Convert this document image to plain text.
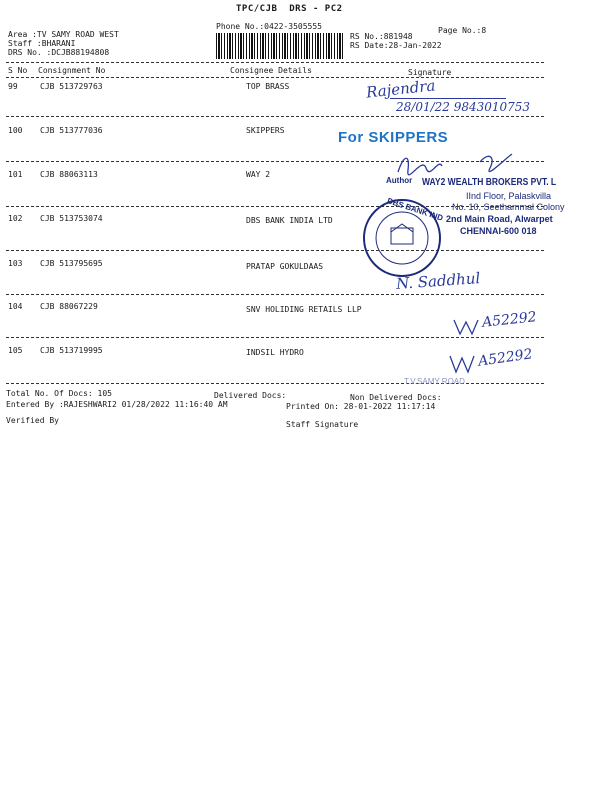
TPC/CJB  DRS - PC2
Phone No.:0422-3505555
Area :TV SAMY ROAD WEST
Staff :BHARANI
DRS No. :DCJB88194808
Page No.:8
RS No.:881948
RS Date:28-Jan-2022
S No Consignment No	Consignee Details	Signature
99	CJB 513729763	TOP BRASS
100 CJB 513777036	SKIPPERS
101 CJB 88063113	WAY 2
102 CJB 513753074	DBS BANK INDIA LTD
103 CJB 513795695	PRATAP GOKULDAAS
104 CJB 88067229	SNV HOLIDING RETAILS LLP
105 CJB 513719995	INDSIL HYDRO
Total No. Of Docs: 105	Delivered Docs:	Non Delivered Docs:
Entered By :RAJESHWARI2 01/28/2022 11:16:40 AM	Printed On: 28-01-2022 11:17:14
Verified By	Staff Signature
Rajendra
28/01/22 9843010753
For SKIPPERS
Author WAY2 WEALTH BROKERS PVT. L
IInd Floor, Palaskvilla
No. 10, Seethammal Colony
2nd Main Road, Alwarpet
CHENNAI-600 018
DBS BANK IND
N. Saddhul
A52292
A52292
T.V.SAMY ROAD
